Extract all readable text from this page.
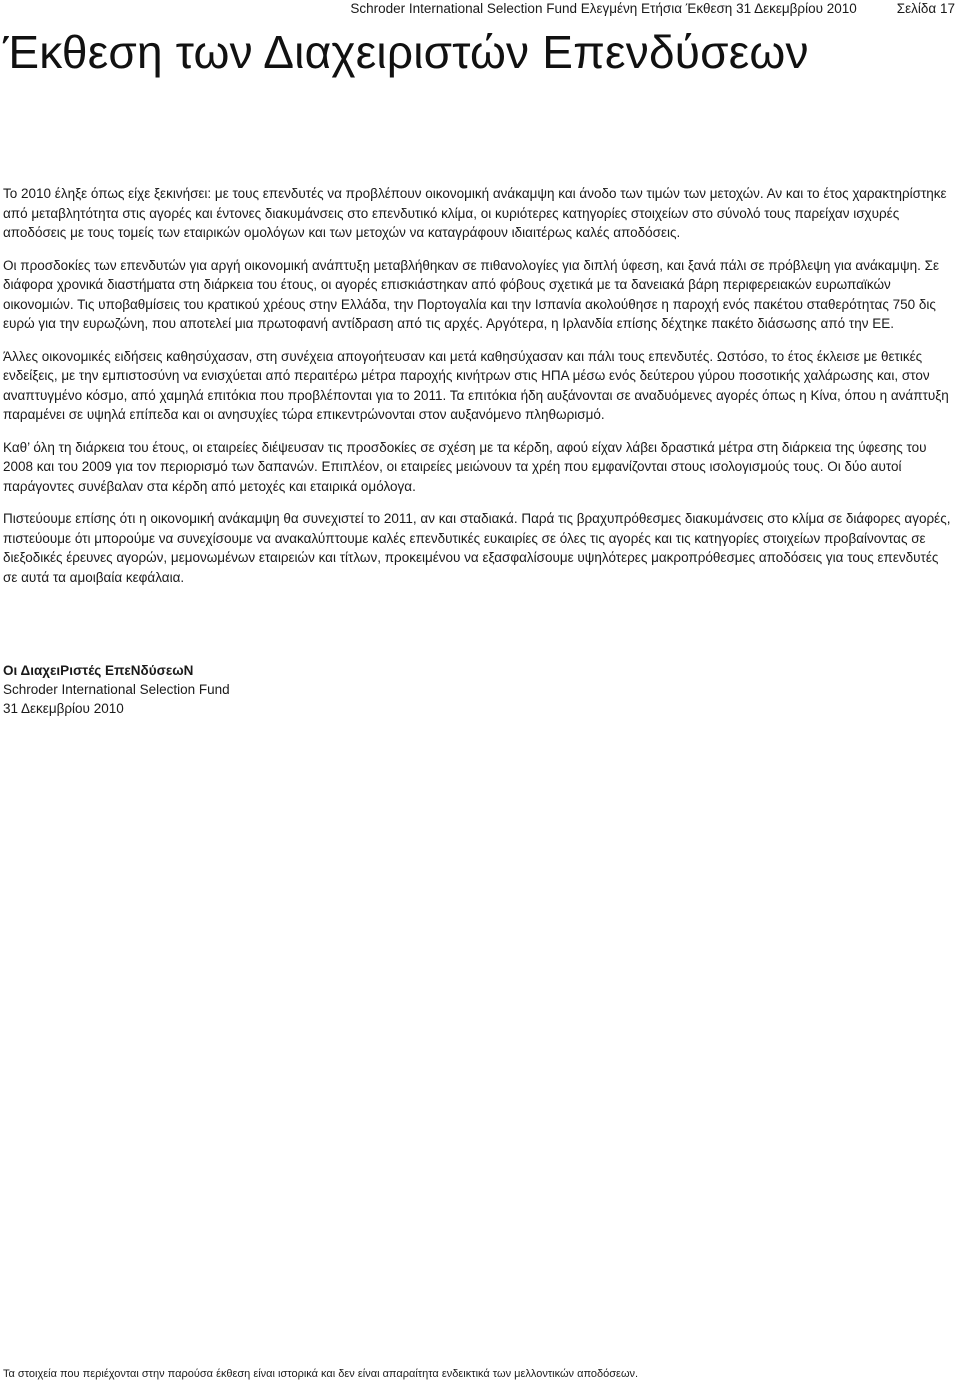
Schroder International Selection Fund Ελεγμένη Ετήσια Έκθεση 31 Δεκεμβρίου 2010	Σελίδα 17
Έκθεση των Διαχειριστών Επενδύσεων

Το 2010 έληξε όπως είχε ξεκινήσει: με τους επενδυτές να προβλέπουν οικονομική ανάκαμψη και άνοδο των τιμών των μετοχών. Αν και το έτος χαρακτηρίστηκε από μεταβλητότητα στις αγορές και έντονες διακυμάνσεις στο επενδυτικό κλίμα, οι κυριότερες κατηγορίες στοιχείων στο σύνολό τους παρείχαν ισχυρές αποδόσεις με τους τομείς των εταιρικών ομολόγων και των μετοχών να καταγράφουν ιδιαιτέρως καλές αποδόσεις.

Οι προσδοκίες των επενδυτών για αργή οικονομική ανάπτυξη μεταβλήθηκαν σε πιθανολογίες για διπλή ύφεση, και ξανά πάλι σε πρόβλεψη για ανάκαμψη. Σε διάφορα χρονικά διαστήματα στη διάρκεια του έτους, οι αγορές επισκιάστηκαν από φόβους σχετικά με τα δανειακά βάρη περιφερειακών ευρωπαϊκών οικονομιών. Τις υποβαθμίσεις του κρατικού χρέους στην Ελλάδα, την Πορτογαλία και την Ισπανία ακολούθησε η παροχή ενός πακέτου σταθερότητας 750 δις ευρώ για την ευρωζώνη, που αποτελεί μια πρωτοφανή αντίδραση από τις αρχές. Αργότερα, η Ιρλανδία επίσης δέχτηκε πακέτο διάσωσης από την ΕΕ.

Άλλες οικονομικές ειδήσεις καθησύχασαν, στη συνέχεια απογοήτευσαν και μετά καθησύχασαν και πάλι τους επενδυτές. Ωστόσο, το έτος έκλεισε με θετικές ενδείξεις, με την εμπιστοσύνη να ενισχύεται από περαιτέρω μέτρα παροχής κινήτρων στις ΗΠΑ μέσω ενός δεύτερου γύρου ποσοτικής χαλάρωσης και, στον αναπτυγμένο κόσμο, από χαμηλά επιτόκια που προβλέπονται για το 2011. Τα επιτόκια ήδη αυξάνονται σε αναδυόμενες αγορές όπως η Κίνα, όπου η ανάπτυξη παραμένει σε υψηλά επίπεδα και οι ανησυχίες τώρα επικεντρώνονται στον αυξανόμενο πληθωρισμό.

Καθ’ όλη τη διάρκεια του έτους, οι εταιρείες διέψευσαν τις προσδοκίες σε σχέση με τα κέρδη, αφού είχαν λάβει δραστικά μέτρα στη διάρκεια της ύφεσης του 2008 και του 2009 για τον περιορισμό των δαπανών. Επιπλέον, οι εταιρείες μειώνουν τα χρέη που εμφανίζονται στους ισολογισμούς τους. Οι δύο αυτοί παράγοντες συνέβαλαν στα κέρδη από μετοχές και εταιρικά ομόλογα.

Πιστεύουμε επίσης ότι η οικονομική ανάκαμψη θα συνεχιστεί το 2011, αν και σταδιακά. Παρά τις βραχυπρόθεσμες διακυμάνσεις στο κλίμα σε διάφορες αγορές, πιστεύουμε ότι μπορούμε να συνεχίσουμε να ανακαλύπτουμε καλές επενδυτικές ευκαιρίες σε όλες τις αγορές και τις κατηγορίες στοιχείων προβαίνοντας σε διεξοδικές έρευνες αγορών, μεμονωμένων εταιρειών και τίτλων, προκειμένου να εξασφαλίσουμε υψηλότερες μακροπρόθεσμες αποδόσεις για τους επενδυτές σε αυτά τα αμοιβαία κεφάλαια.

Οι ΔιαχειΡιστές ΕπεΝδύσεωΝ
Schroder International Selection Fund
31 Δεκεμβρίου 2010
Τα στοιχεία που περιέχονται στην παρούσα έκθεση είναι ιστορικά και δεν είναι απαραίτητα ενδεικτικά των μελλοντικών αποδόσεων.
